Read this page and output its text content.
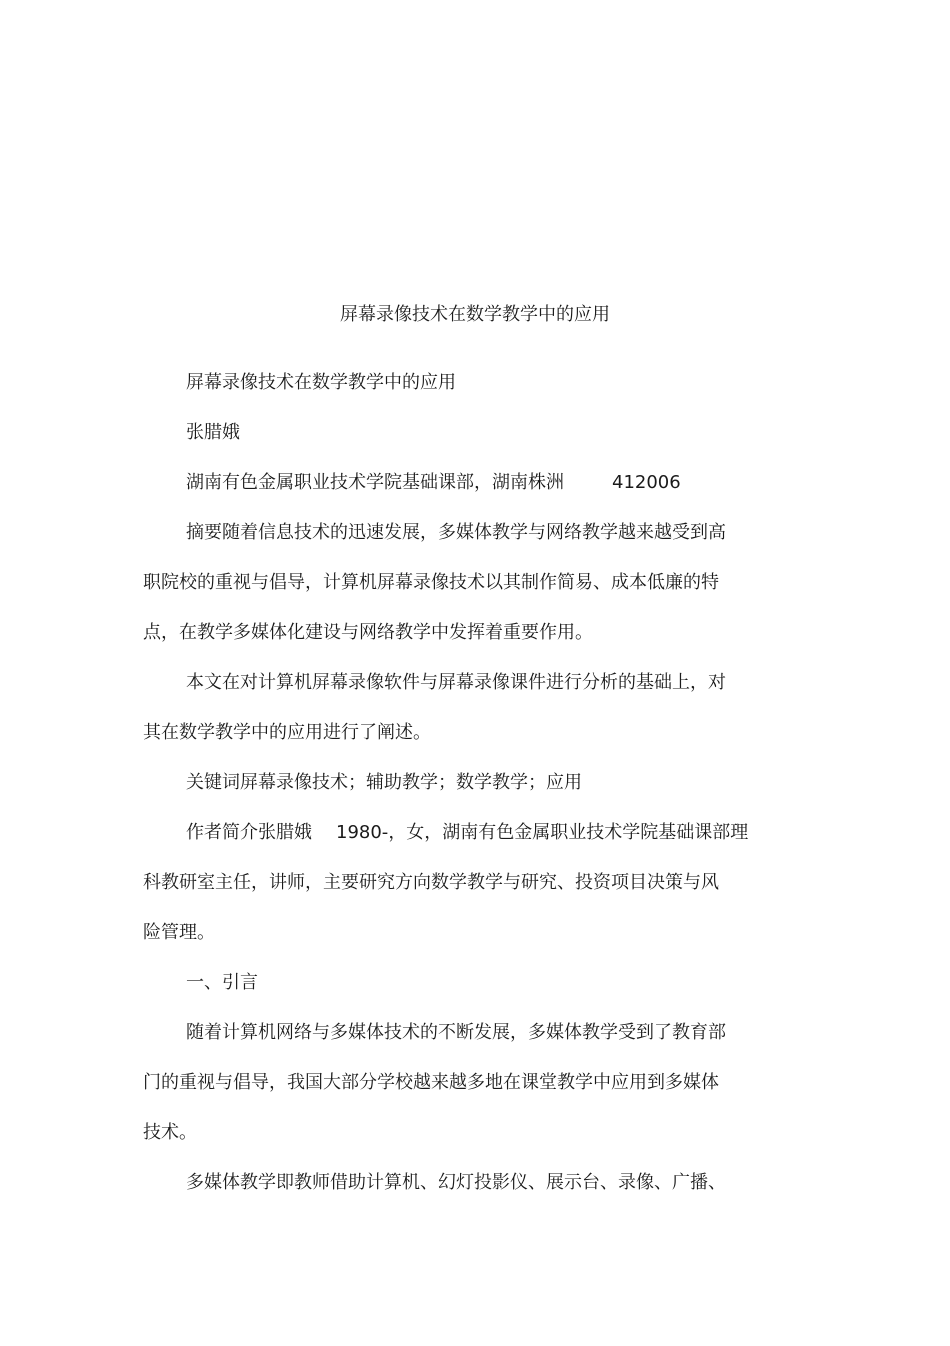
屏幕录像技术在数学教学中的应用
屏幕录像技术在数学教学中的应用
张腊娥
湖南有色金属职业技术学院基础课部，湖南株洲	412006
摘要随着信息技术的迅速发展，多媒体教学与网络教学越来越受到高
职院校的重视与倡导，计算机屏幕录像技术以其制作简易、成本低廉的特
点，在教学多媒体化建设与网络教学中发挥着重要作用。
本文在对计算机屏幕录像软件与屏幕录像课件进行分析的基础上，对
其在数学教学中的应用进行了阐述。
关键词屏幕录像技术；辅助教学；数学教学；应用
作者简介张腊娥 1980-，女，湖南有色金属职业技术学院基础课部理
科教研室主任，讲师，主要研究方向数学教学与研究、投资项目决策与风
险管理。
一、引言
随着计算机网络与多媒体技术的不断发展，多媒体教学受到了教育部
门的重视与倡导，我国大部分学校越来越多地在课堂教学中应用到多媒体
技术。
多媒体教学即教师借助计算机、幻灯投影仪、展示台、录像、广播、
